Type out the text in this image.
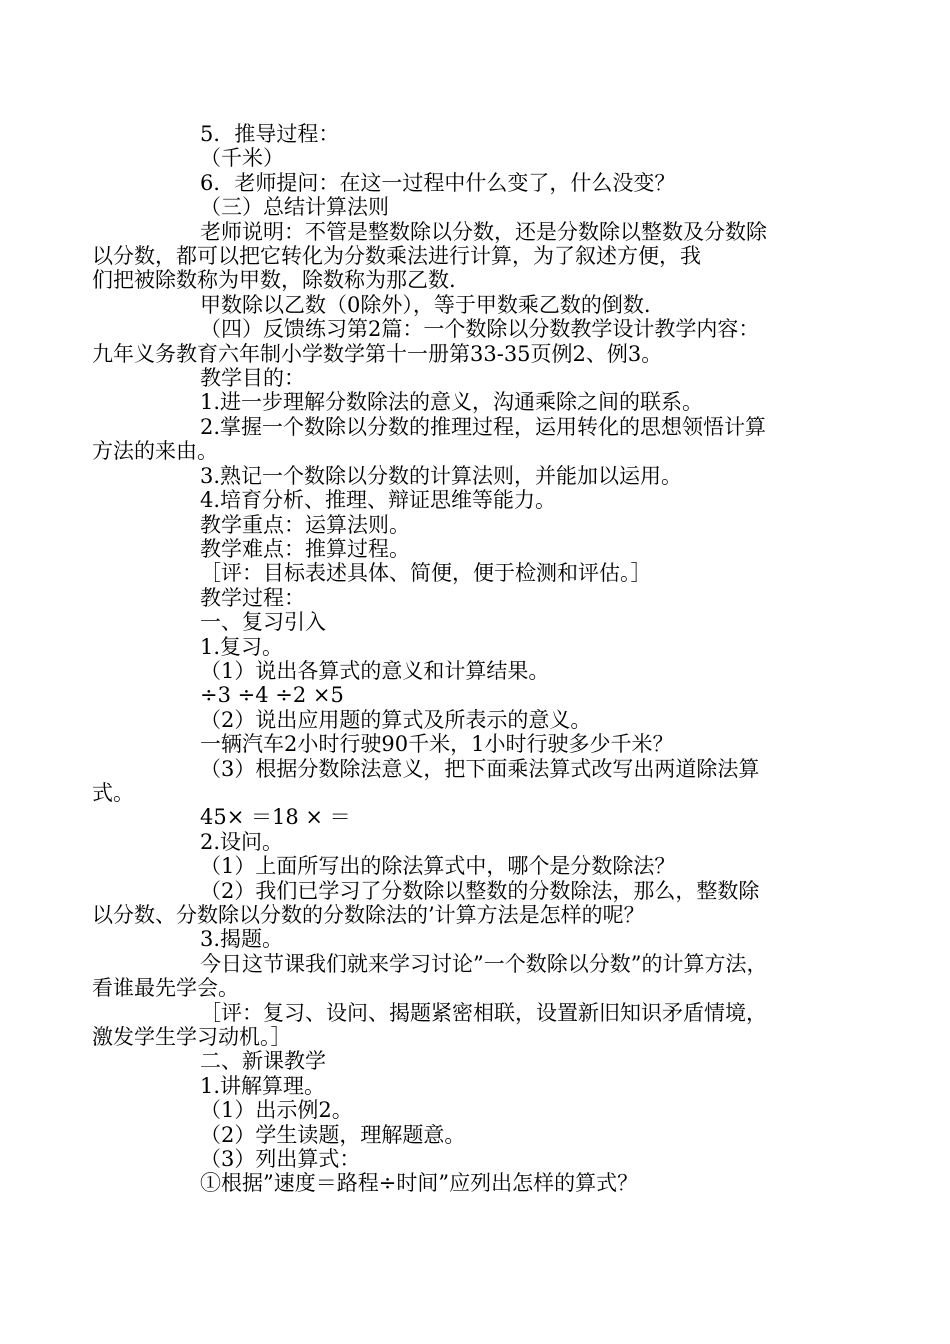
5．推导过程：
（千米）
6．老师提问：在这一过程中什么变了，什么没变？
（三）总结计算法则
老师说明：不管是整数除以分数，还是分数除以整数及分数除
以分数，都可以把它转化为分数乘法进行计算，为了叙述方便，我
们把被除数称为甲数，除数称为那乙数.
甲数除以乙数（0除外），等于甲数乘乙数的倒数.
（四）反馈练习第2篇：一个数除以分数教学设计教学内容：
九年义务教育六年制小学数学第十一册第33-35页例2、例3。
教学目的：
1.进一步理解分数除法的意义，沟通乘除之间的联系。
2.掌握一个数除以分数的推理过程，运用转化的思想领悟计算
方法的来由。
3.熟记一个数除以分数的计算法则，并能加以运用。
4.培育分析、推理、辩证思维等能力。
教学重点：运算法则。
教学难点：推算过程。
［评：目标表述具体、简便，便于检测和评估。］
教学过程：
一、复习引入
1.复习。
（1）说出各算式的意义和计算结果。
÷3 ÷4 ÷2 ×5
（2）说出应用题的算式及所表示的意义。
一辆汽车2小时行驶90千米，1小时行驶多少千米？
（3）根据分数除法意义，把下面乘法算式改写出两道除法算
式。
45× ＝18 × ＝
2.设问。
（1）上面所写出的除法算式中，哪个是分数除法？
（2）我们已学习了分数除以整数的分数除法，那么，整数除
以分数、分数除以分数的分数除法的’计算方法是怎样的呢？
3.揭题。
今日这节课我们就来学习讨论”一个数除以分数”的计算方法，
看谁最先学会。
［评：复习、设问、揭题紧密相联，设置新旧知识矛盾情境，
激发学生学习动机。］
二、新课教学
1.讲解算理。
（1）出示例2。
（2）学生读题，理解题意。
（3）列出算式：
①根据”速度＝路程÷时间”应列出怎样的算式？
